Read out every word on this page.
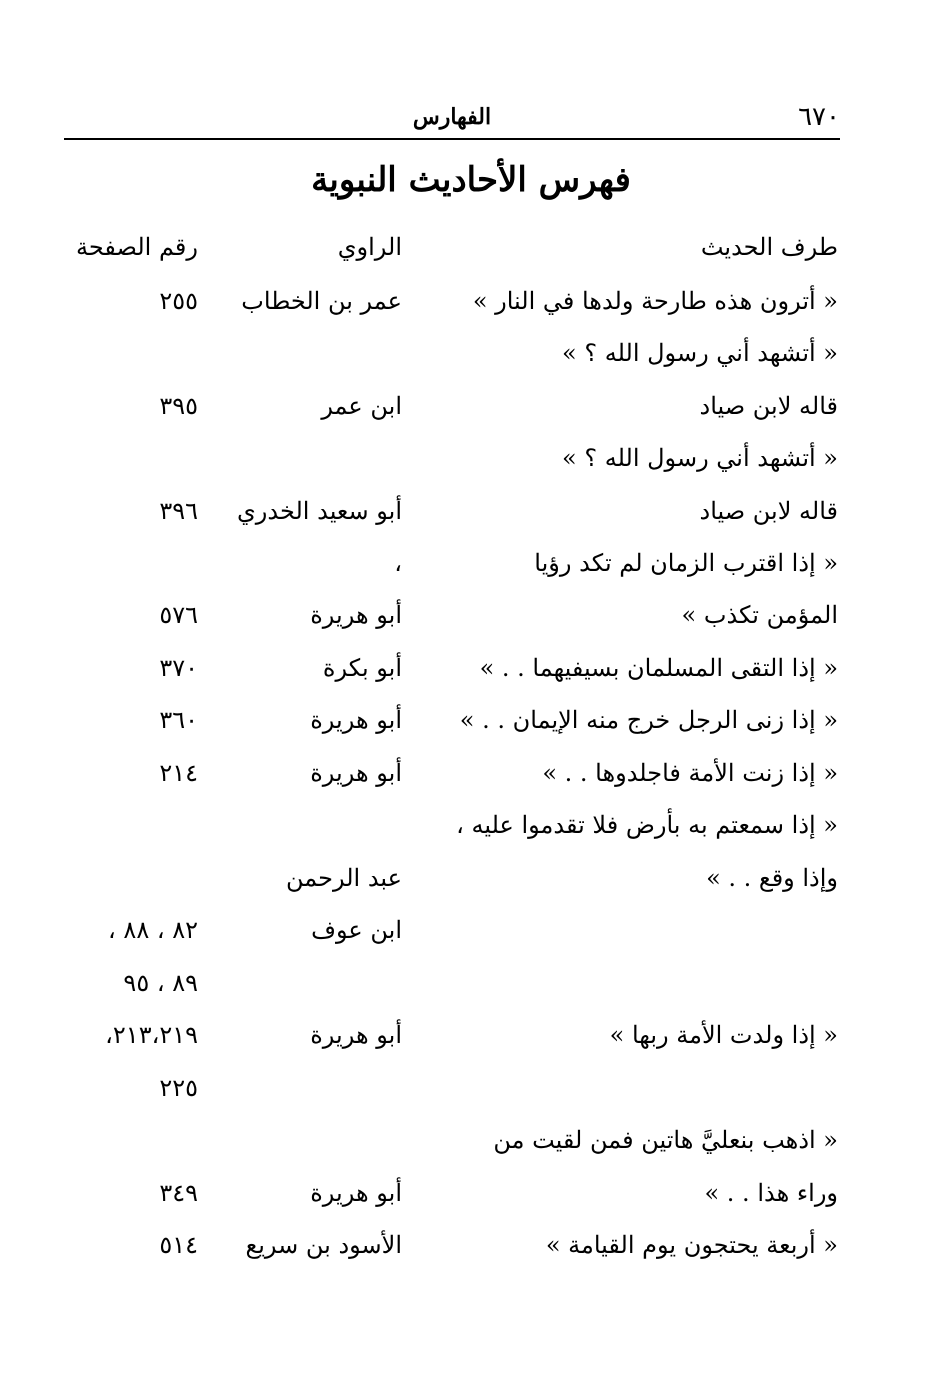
٦٧٠
الفهارس
فهرس الأحاديث النبوية
طرف الحديث
الراوي
رقم الصفحة
« أترون هذه طارحة ولدها في النار »
عمر بن الخطاب
٢٥٥
« أتشهد أني رسول الله ؟ »
قاله لابن صياد
ابن عمر
٣٩٥
« أتشهد أني رسول الله ؟ »
قاله لابن صياد
أبو سعيد الخدري
٣٩٦
« إذا اقترب الزمان لم تكد رؤيا
،
المؤمن تكذب »
أبو هريرة
٥٧٦
« إذا التقى المسلمان بسيفيهما . . »
أبو بكرة
٣٧٠
« إذا زنى الرجل خرج منه الإيمان . . »
أبو هريرة
٣٦٠
« إذا زنت الأمة فاجلدوها . . »
أبو هريرة
٢١٤
« إذا سمعتم به بأرض فلا تقدموا عليه ،
وإذا وقع . . »
عبد الرحمن
ابن عوف
٨٢ ، ٨٨ ،
٨٩ ، ٩٥
« إذا ولدت الأمة ربها »
أبو هريرة
٢١٣،٢١٩،
٢٢٥
« اذهب بنعليَّ هاتين فمن لقيت من
وراء هذا . . »
أبو هريرة
٣٤٩
« أربعة يحتجون يوم القيامة »
الأسود بن سريع
٥١٤
